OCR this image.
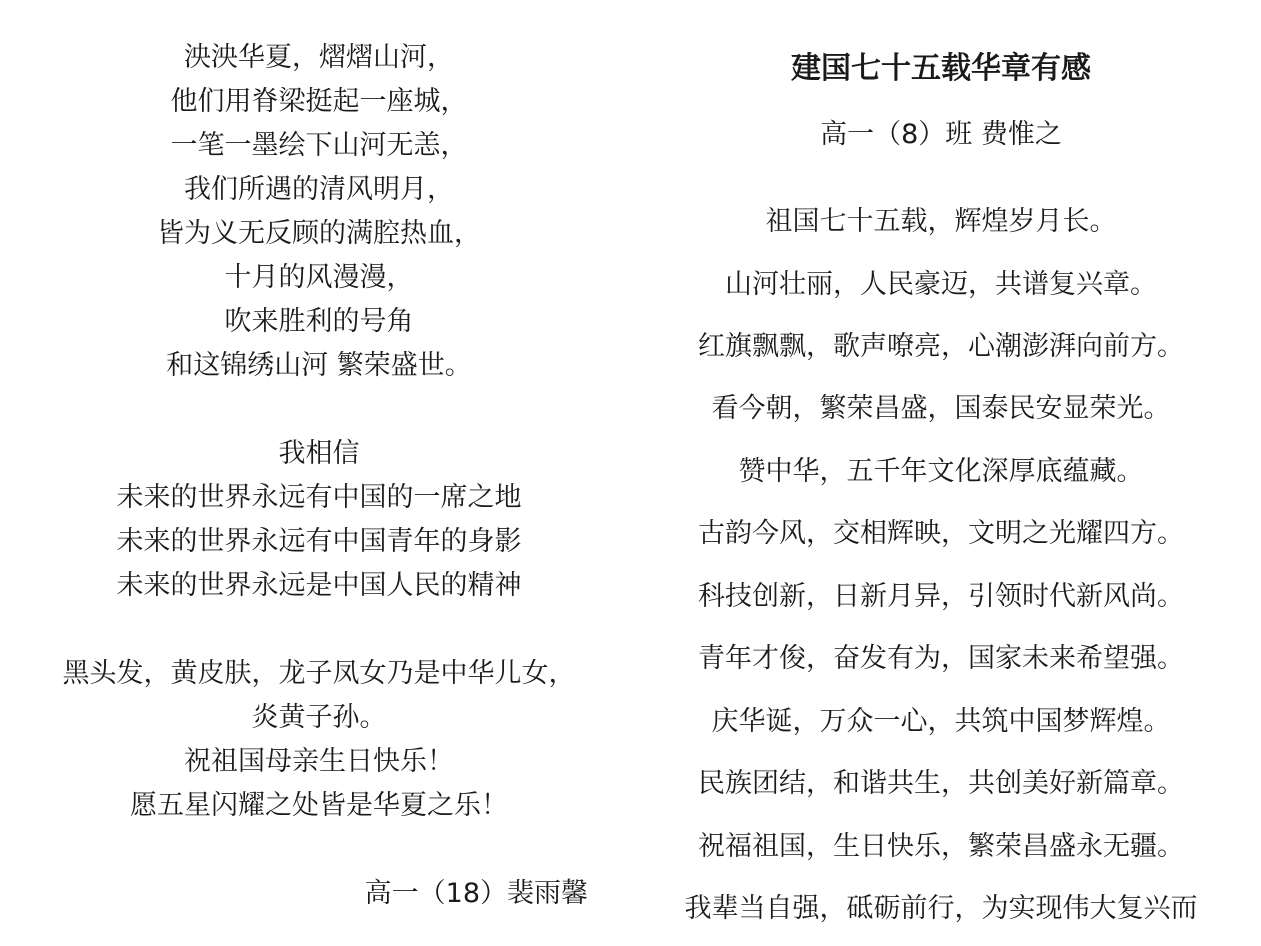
泱泱华夏，熠熠山河，
他们用脊梁挺起一座城，
一笔一墨绘下山河无恙，
我们所遇的清风明月，
皆为义无反顾的满腔热血，
十月的风漫漫，
吹来胜利的号角
和这锦绣山河 繁荣盛世。
我相信
未来的世界永远有中国的一席之地
未来的世界永远有中国青年的身影
未来的世界永远是中国人民的精神
黑头发，黄皮肤，龙子凤女乃是中华儿女，
炎黄子孙。
祝祖国母亲生日快乐！
愿五星闪耀之处皆是华夏之乐！
高一（18）裴雨馨
建国七十五载华章有感
高一（8）班 费惟之
祖国七十五载，辉煌岁月长。
山河壮丽，人民豪迈，共谱复兴章。
红旗飘飘，歌声嘹亮，心潮澎湃向前方。
看今朝，繁荣昌盛，国泰民安显荣光。
赞中华，五千年文化深厚底蕴藏。
古韵今风，交相辉映，文明之光耀四方。
科技创新，日新月异，引领时代新风尚。
青年才俊，奋发有为，国家未来希望强。
庆华诞，万众一心，共筑中国梦辉煌。
民族团结，和谐共生，共创美好新篇章。
祝福祖国，生日快乐，繁荣昌盛永无疆。
我辈当自强，砥砺前行，为实现伟大复兴而
